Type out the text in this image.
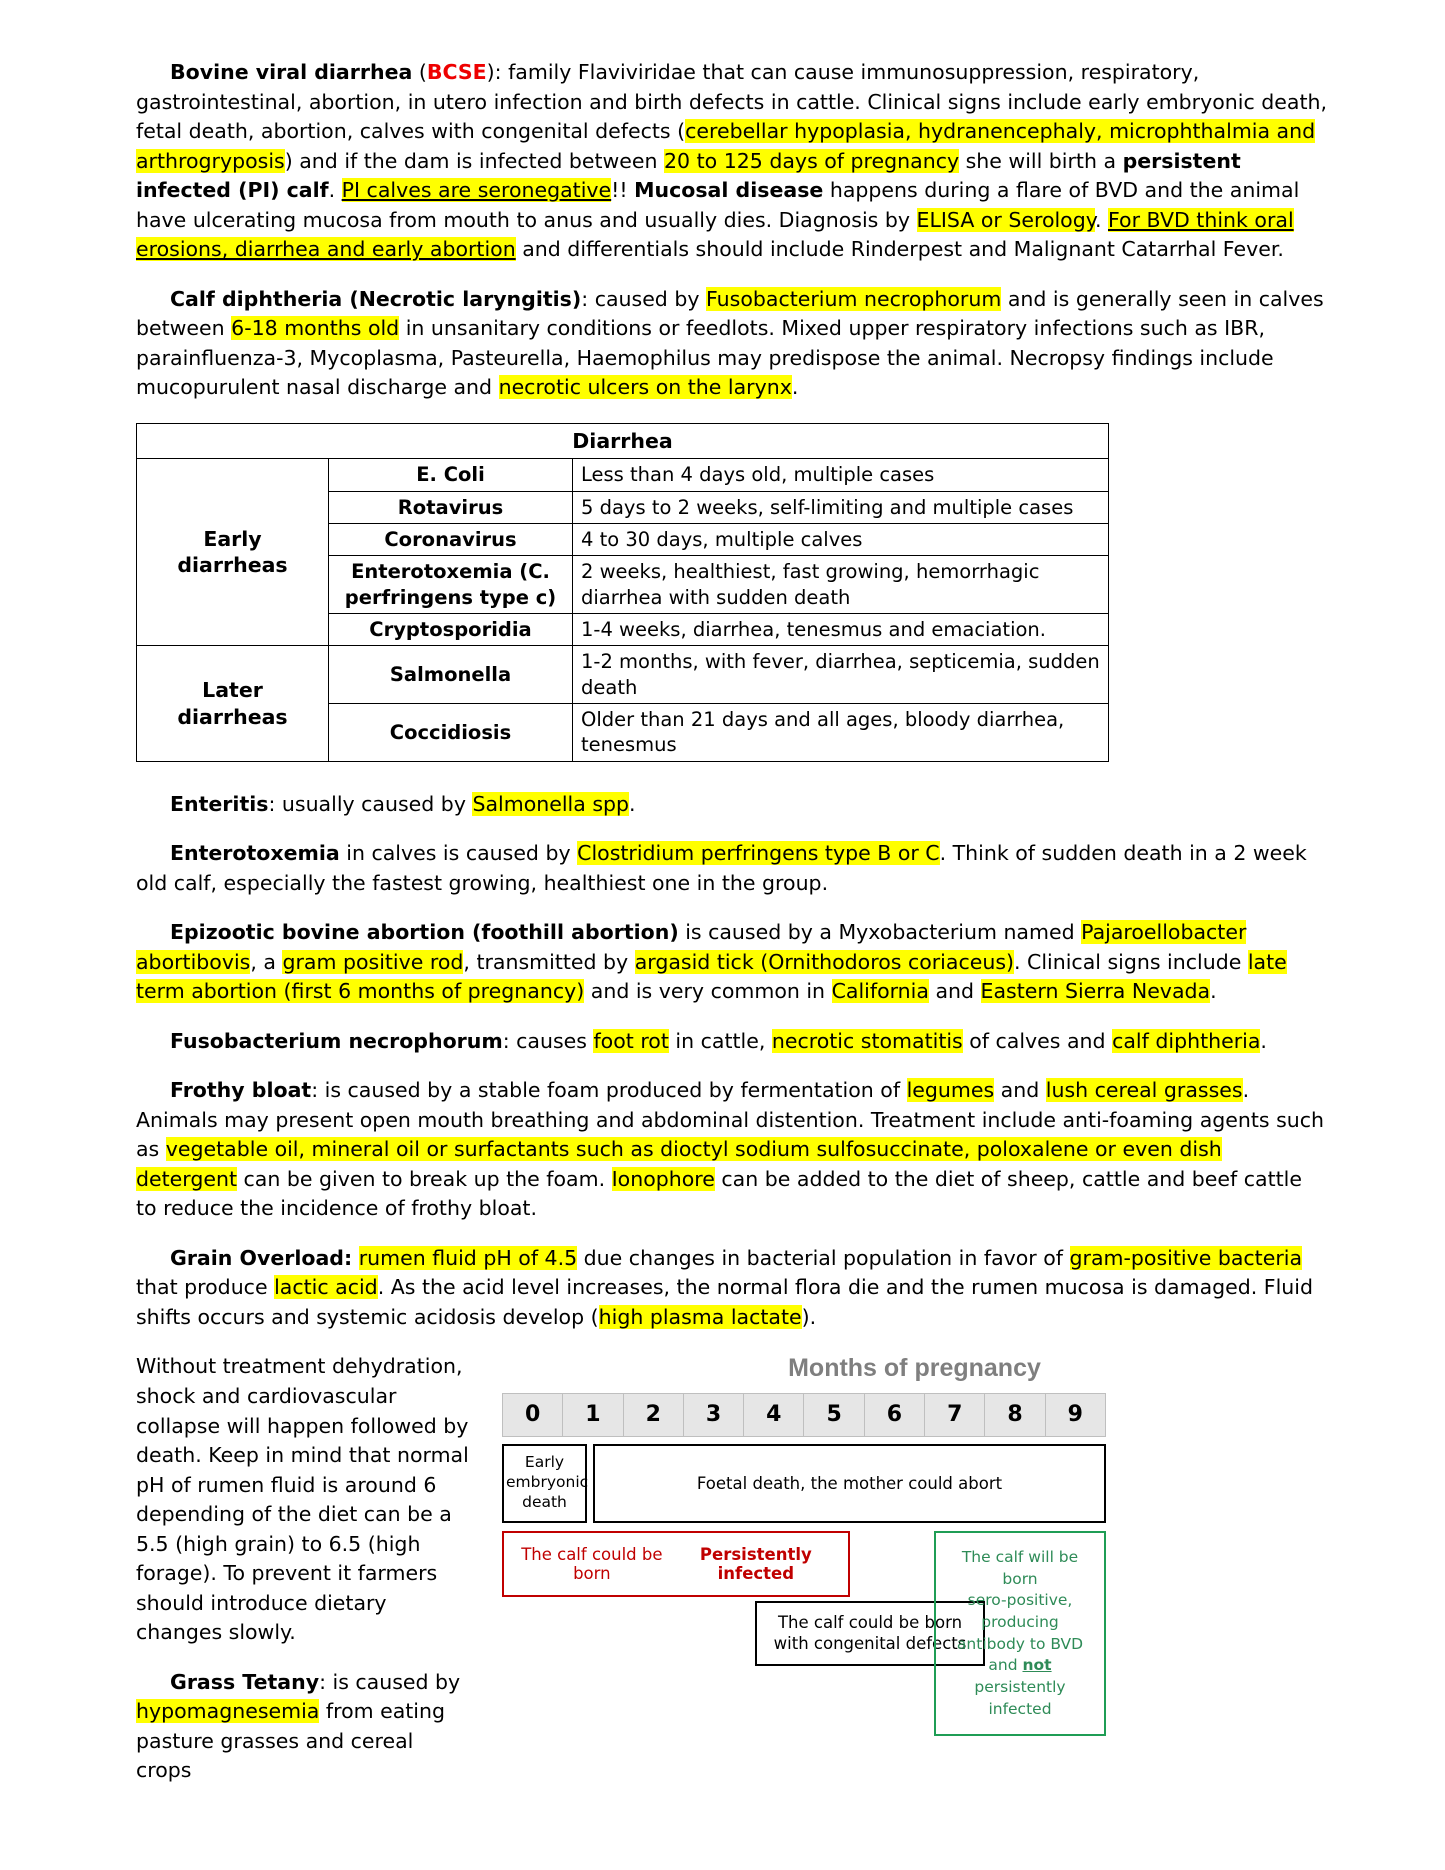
Bovine viral diarrhea (BCSE): family Flaviviridae that can cause immunosuppression, respiratory, gastrointestinal, abortion, in utero infection and birth defects in cattle. Clinical signs include early embryonic death, fetal death, abortion, calves with congenital defects (cerebellar hypoplasia, hydranencephaly, microphthalmia and arthrogryposis) and if the dam is infected between 20 to 125 days of pregnancy she will birth a persistent infected (PI) calf. PI calves are seronegative!! Mucosal disease happens during a flare of BVD and the animal have ulcerating mucosa from mouth to anus and usually dies. Diagnosis by ELISA or Serology. For BVD think oral erosions, diarrhea and early abortion and differentials should include Rinderpest and Malignant Catarrhal Fever.

Calf diphtheria (Necrotic laryngitis): caused by Fusobacterium necrophorum and is generally seen in calves between 6-18 months old in unsanitary conditions or feedlots. Mixed upper respiratory infections such as IBR, parainfluenza-3, Mycoplasma, Pasteurella, Haemophilus may predispose the animal. Necropsy findings include mucopurulent nasal discharge and necrotic ulcers on the larynx.

Diarrhea		
Early diarrheas	E. Coli	Less than 4 days old, multiple cases
	Rotavirus	5 days to 2 weeks, self-limiting and multiple cases
	Coronavirus	4 to 30 days, multiple calves
	Enterotoxemia (C. perfringens type c)	2 weeks, healthiest, fast growing, hemorrhagic diarrhea with sudden death
	Cryptosporidia	1-4 weeks, diarrhea, tenesmus and emaciation.
Later diarrheas	Salmonella	1-2 months, with fever, diarrhea, septicemia, sudden death
	Coccidiosis	Older than 21 days and all ages, bloody diarrhea, tenesmus

Enteritis: usually caused by Salmonella spp.

Enterotoxemia in calves is caused by Clostridium perfringens type B or C. Think of sudden death in a 2 week old calf, especially the fastest growing, healthiest one in the group.

Epizootic bovine abortion (foothill abortion) is caused by a Myxobacterium named Pajaroellobacter abortibovis, a gram positive rod, transmitted by argasid tick (Ornithodoros coriaceus). Clinical signs include late term abortion (first 6 months of pregnancy) and is very common in California and Eastern Sierra Nevada.

Fusobacterium necrophorum: causes foot rot in cattle, necrotic stomatitis of calves and calf diphtheria.

Frothy bloat: is caused by a stable foam produced by fermentation of legumes and lush cereal grasses. Animals may present open mouth breathing and abdominal distention. Treatment include anti-foaming agents such as vegetable oil, mineral oil or surfactants such as dioctyl sodium sulfosuccinate, poloxalene or even dish detergent can be given to break up the foam. Ionophore can be added to the diet of sheep, cattle and beef cattle to reduce the incidence of frothy bloat.

Grain Overload: rumen fluid pH of 4.5 due changes in bacterial population in favor of gram-positive bacteria that produce lactic acid. As the acid level increases, the normal flora die and the rumen mucosa is damaged. Fluid shifts occurs and systemic acidosis develop (high plasma lactate).

Without treatment dehydration, shock and cardiovascular collapse will happen followed by death. Keep in mind that normal pH of rumen fluid is around 6 depending of the diet can be a 5.5 (high grain) to 6.5 (high forage). To prevent it farmers should introduce dietary changes slowly.

Grass Tetany: is caused by hypomagnesemia from eating pasture grasses and cereal crops

Months of pregnancy
0	1	2	3	4	5	6	7	8	9
Early embryonic death
Foetal death, the mother could abort
The calf could be born
Persistently infected
The calf could be born with congenital defects
The calf will be born
sero-positive, producing
antibody to BVD and not
persistently infected
